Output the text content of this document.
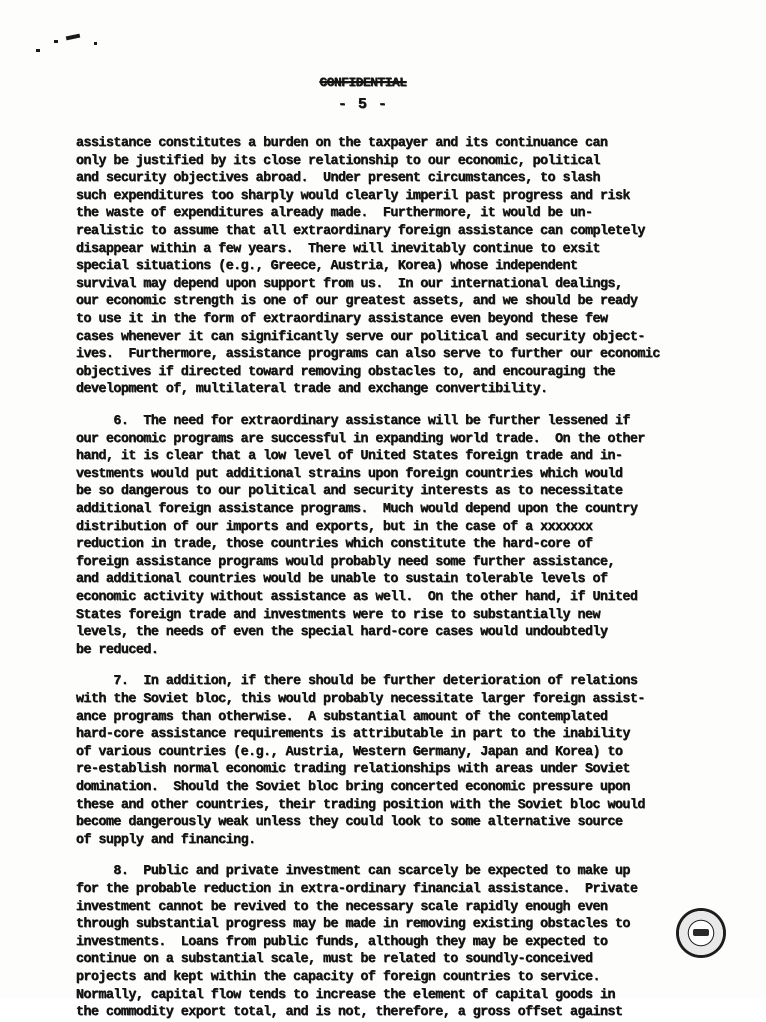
CONFIDENTIAL
- 5 -
assistance constitutes a burden on the taxpayer and its continuance can
only be justified by its close relationship to our economic, political
and security objectives abroad.  Under present circumstances, to slash
such expenditures too sharply would clearly imperil past progress and risk
the waste of expenditures already made.  Furthermore, it would be un-
realistic to assume that all extraordinary foreign assistance can completely
disappear within a few years.  There will inevitably continue to exsit
special situations (e.g., Greece, Austria, Korea) whose independent
survival may depend upon support from us.  In our international dealings,
our economic strength is one of our greatest assets, and we should be ready
to use it in the form of extraordinary assistance even beyond these few
cases whenever it can significantly serve our political and security object-
ives.  Furthermore, assistance programs can also serve to further our economic
objectives if directed toward removing obstacles to, and encouraging the
development of, multilateral trade and exchange convertibility.
6.  The need for extraordinary assistance will be further lessened if
our economic programs are successful in expanding world trade.  On the other
hand, it is clear that a low level of United States foreign trade and in-
vestments would put additional strains upon foreign countries which would
be so dangerous to our political and security interests as to necessitate
additional foreign assistance programs.  Much would depend upon the country
distribution of our imports and exports, but in the case of a xxxxxxx
reduction in trade, those countries which constitute the hard-core of
foreign assistance programs would probably need some further assistance,
and additional countries would be unable to sustain tolerable levels of
economic activity without assistance as well.  On the other hand, if United
States foreign trade and investments were to rise to substantially new
levels, the needs of even the special hard-core cases would undoubtedly
be reduced.
7.  In addition, if there should be further deterioration of relations
with the Soviet bloc, this would probably necessitate larger foreign assist-
ance programs than otherwise.  A substantial amount of the contemplated
hard-core assistance requirements is attributable in part to the inability
of various countries (e.g., Austria, Western Germany, Japan and Korea) to
re-establish normal economic trading relationships with areas under Soviet
domination.  Should the Soviet bloc bring concerted economic pressure upon
these and other countries, their trading position with the Soviet bloc would
become dangerously weak unless they could look to some alternative source
of supply and financing.
8.  Public and private investment can scarcely be expected to make up
for the probable reduction in extra-ordinary financial assistance.  Private
investment cannot be revived to the necessary scale rapidly enough even
through substantial progress may be made in removing existing obstacles to
investments.  Loans from public funds, although they may be expected to
continue on a substantial scale, must be related to soundly-conceived
projects and kept within the capacity of foreign countries to service.
Normally, capital flow tends to increase the element of capital goods in
the commodity export total, and is not, therefore, a gross offset against
